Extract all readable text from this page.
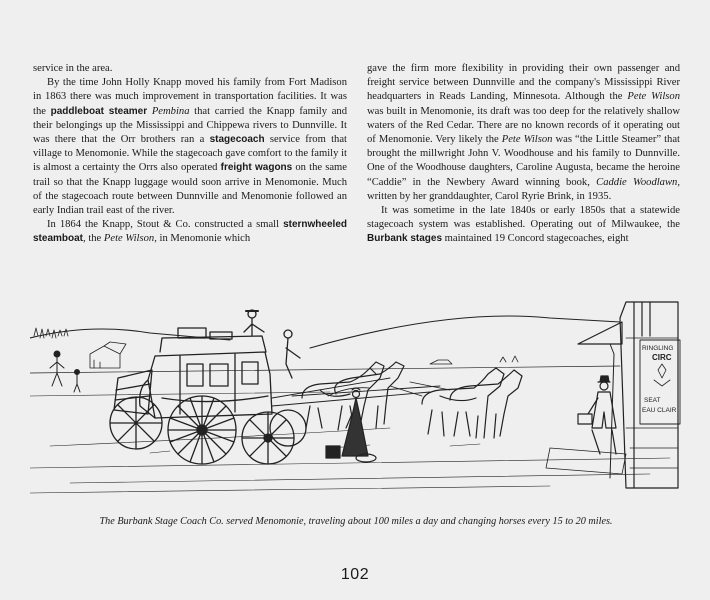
service in the area.

By the time John Holly Knapp moved his family from Fort Madison in 1863 there was much improvement in transportation facilities. It was the paddleboat steamer Pembina that carried the Knapp family and their belongings up the Mississippi and Chippewa rivers to Dunnville. It was there that the Orr brothers ran a stagecoach service from that village to Menomonie. While the stagecoach gave comfort to the family it is almost a certainty the Orrs also operated freight wagons on the same trail so that the Knapp luggage would soon arrive in Menomonie. Much of the stagecoach route between Dunnville and Menomonie followed an early Indian trail east of the river.

In 1864 the Knapp, Stout & Co. constructed a small sternwheeled steamboat, the Pete Wilson, in Menomonie which

gave the firm more flexibility in providing their own passenger and freight service between Dunnville and the company's Mississippi River headquarters in Reads Landing, Minnesota. Although the Pete Wilson was built in Menomonie, its draft was too deep for the relatively shallow waters of the Red Cedar. There are no known records of it operating out of Menomonie. Very likely the Pete Wilson was “the Little Steamer” that brought the millwright John V. Woodhouse and his family to Dunnville. One of the Woodhouse daughters, Caroline Augusta, became the heroine “Caddie” in the Newbery Award winning book, Caddie Woodlawn, written by her granddaughter, Carol Ryrie Brink, in 1935.

It was sometime in the late 1840s or early 1850s that a statewide stagecoach system was established. Operating out of Milwaukee, the Burbank stages maintained 19 Concord stagecoaches, eight

RINGLING
CIRC
SEAT
EAU CLAIR
The Burbank Stage Coach Co. served Menomonie, traveling about 100 miles a day and changing horses every 15 to 20 miles.
102
